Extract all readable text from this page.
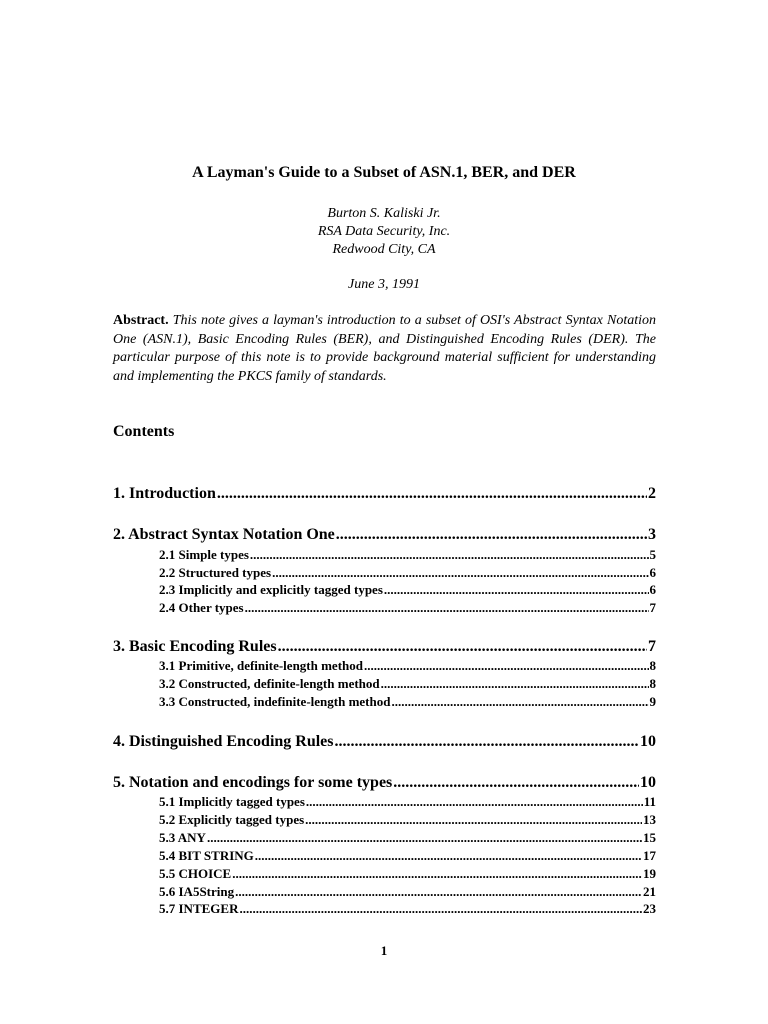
A Layman's Guide to a Subset of ASN.1, BER, and DER
Burton S. Kaliski Jr.
RSA Data Security, Inc.
Redwood City, CA
June 3, 1991
Abstract. This note gives a layman's introduction to a subset of OSI's Abstract Syntax Notation One (ASN.1), Basic Encoding Rules (BER), and Distinguished Encoding Rules (DER). The particular purpose of this note is to provide background material sufficient for understanding and implementing the PKCS family of standards.
Contents
1. Introduction .....	2
2. Abstract Syntax Notation One .....	3
2.1 Simple types .....	5
2.2 Structured types .....	6
2.3 Implicitly and explicitly tagged types .....	6
2.4 Other types .....	7
3. Basic Encoding Rules .....	7
3.1 Primitive, definite-length method .....	8
3.2 Constructed, definite-length method .....	8
3.3 Constructed, indefinite-length method .....	9
4. Distinguished Encoding Rules .....	10
5. Notation and encodings for some types .....	10
5.1 Implicitly tagged types .....	11
5.2 Explicitly tagged types .....	13
5.3 ANY .....	15
5.4 BIT STRING .....	17
5.5 CHOICE .....	19
5.6 IA5String .....	21
5.7 INTEGER .....	23
1
